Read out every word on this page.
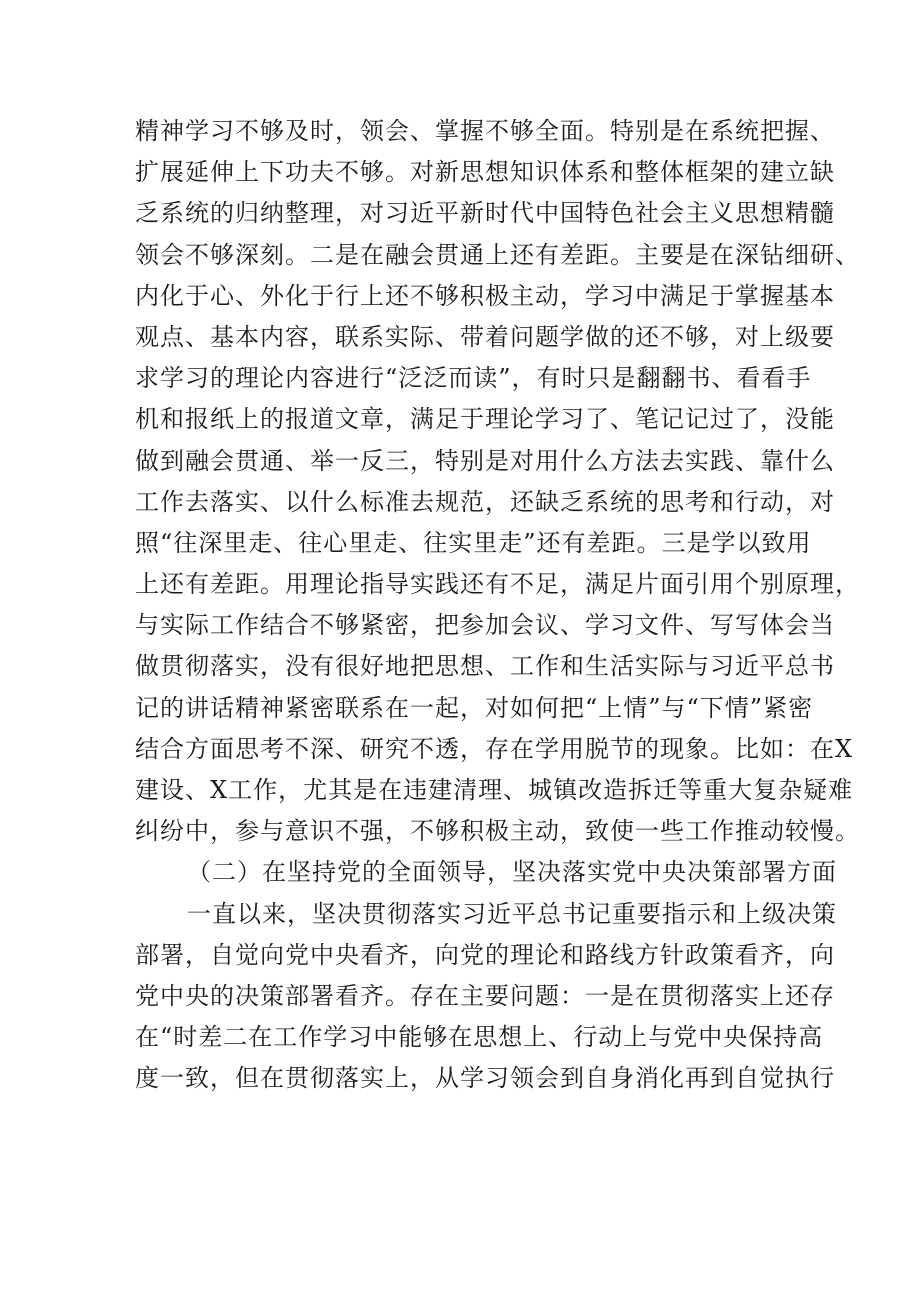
精神学习不够及时，领会、掌握不够全面。特别是在系统把握、
扩展延伸上下功夫不够。对新思想知识体系和整体框架的建立缺
乏系统的归纳整理，对习近平新时代中国特色社会主义思想精髓
领会不够深刻。二是在融会贯通上还有差距。主要是在深钻细研、
内化于心、外化于行上还不够积极主动，学习中满足于掌握基本
观点、基本内容，联系实际、带着问题学做的还不够，对上级要
求学习的理论内容进行“泛泛而读”，有时只是翻翻书、看看手
机和报纸上的报道文章，满足于理论学习了、笔记记过了，没能
做到融会贯通、举一反三，特别是对用什么方法去实践、靠什么
工作去落实、以什么标准去规范，还缺乏系统的思考和行动，对
照“往深里走、往心里走、往实里走”还有差距。三是学以致用
上还有差距。用理论指导实践还有不足，满足片面引用个别原理，
与实际工作结合不够紧密，把参加会议、学习文件、写写体会当
做贯彻落实，没有很好地把思想、工作和生活实际与习近平总书
记的讲话精神紧密联系在一起，对如何把“上情”与“下情”紧密
结合方面思考不深、研究不透，存在学用脱节的现象。比如：在X
建设、X工作，尤其是在违建清理、城镇改造拆迁等重大复杂疑难
纠纷中，参与意识不强，不够积极主动，致使一些工作推动较慢。
（二）在坚持党的全面领导，坚决落实党中央决策部署方面
一直以来，坚决贯彻落实习近平总书记重要指示和上级决策
部署，自觉向党中央看齐，向党的理论和路线方针政策看齐，向
党中央的决策部署看齐。存在主要问题：一是在贯彻落实上还存
在“时差二在工作学习中能够在思想上、行动上与党中央保持高
度一致，但在贯彻落实上，从学习领会到自身消化再到自觉执行
